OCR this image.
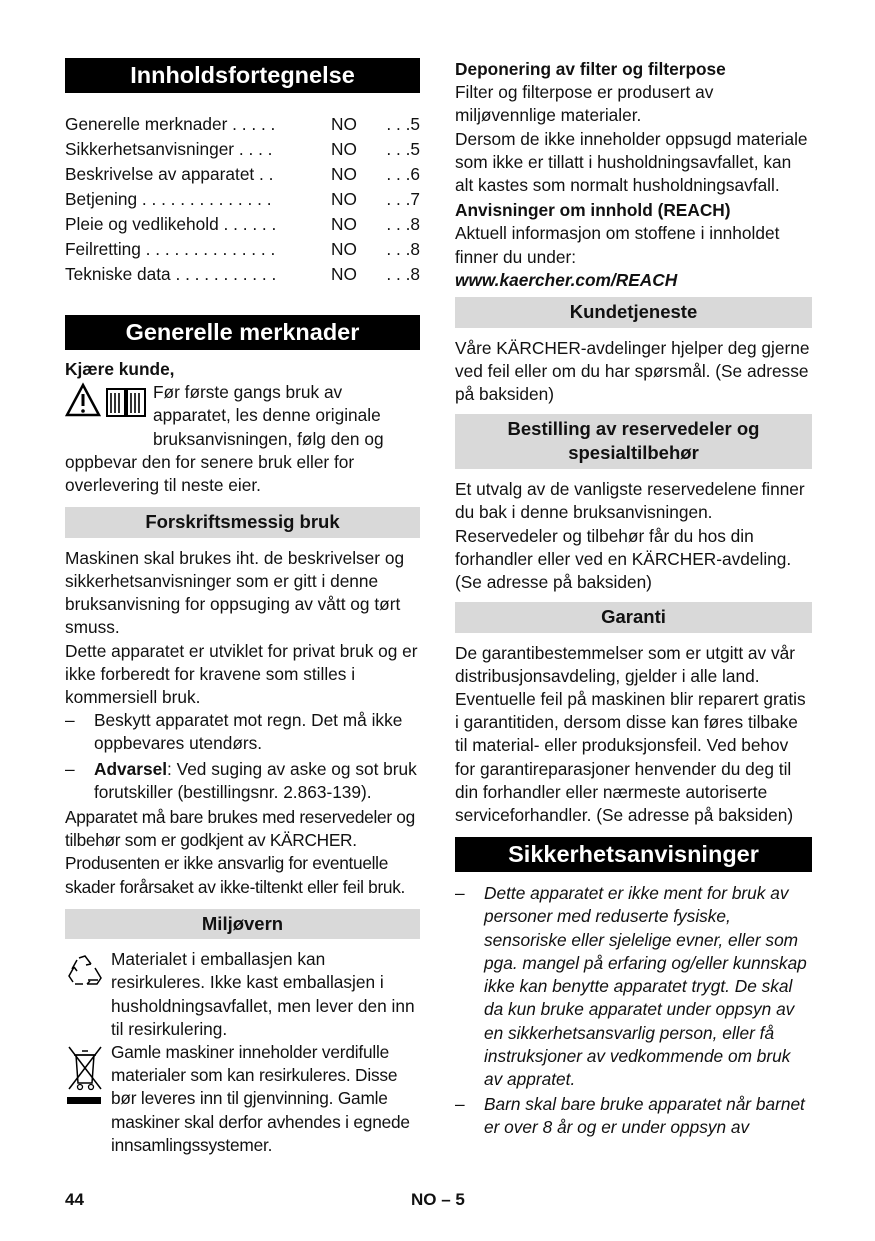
Innholdsfortegnelse
Generelle merknader . . . . .	NO	. . .5
Sikkerhetsanvisninger . . . .	NO	. . .5
Beskrivelse av apparatet . .	NO	. . .6
Betjening . . . . . . . . . . . . . .	NO	. . .7
Pleie og vedlikehold . . . . . .	NO	. . .8
Feilretting . . . . . . . . . . . . . .	NO	. . .8
Tekniske data . . . . . . . . . . .	NO	. . .8
Generelle merknader

Kjære kunde,

Før første gangs bruk av apparatet, les denne originale bruksanvisningen, følg den og oppbevar den for senere bruk eller for overlevering til neste eier.

Forskriftsmessig bruk

Maskinen skal brukes iht. de beskrivelser og sikkerhetsanvisninger som er gitt i denne bruksanvisning for oppsuging av vått og tørt smuss.

Dette apparatet er utviklet for privat bruk og er ikke forberedt for kravene som stilles i kommersiell bruk.

–	Beskytt apparatet mot regn. Det må ikke oppbevares utendørs.
–	Advarsel: Ved suging av aske og sot bruk forutskiller (bestillingsnr. 2.863-139).

Apparatet må bare brukes med reservedeler og tilbehør som er godkjent av KÄRCHER. Produsenten er ikke ansvarlig for eventuelle skader forårsaket av ikke-tiltenkt eller feil bruk.

Miljøvern

Materialet i emballasjen kan resirkuleres. Ikke kast emballasjen i husholdningsavfallet, men lever den inn til resirkulering.

Gamle maskiner inneholder verdifulle materialer som kan resirkuleres. Disse bør leveres inn til gjenvinning. Gamle maskiner skal derfor avhendes i egnede innsamlingssystemer.

Deponering av filter og filterpose

Filter og filterpose er produsert av miljøvennlige materialer.

Dersom de ikke inneholder oppsugd materiale som ikke er tillatt i husholdningsavfallet, kan alt kastes som normalt husholdningsavfall.

Anvisninger om innhold (REACH)

Aktuell informasjon om stoffene i innholdet finner du under:

www.kaercher.com/REACH

Kundetjeneste

Våre KÄRCHER-avdelinger hjelper deg gjerne ved feil eller om du har spørsmål. (Se adresse på baksiden)

Bestilling av reservedeler og spesialtilbehør

Et utvalg av de vanligste reservedelene finner du bak i denne bruksanvisningen.

Reservedeler og tilbehør får du hos din forhandler eller ved en KÄRCHER-avdeling. (Se adresse på baksiden)

Garanti

De garantibestemmelser som er utgitt av vår distribusjonsavdeling, gjelder i alle land. Eventuelle feil på maskinen blir reparert gratis i garantitiden, dersom disse kan føres tilbake til material- eller produksjonsfeil. Ved behov for garantireparasjoner henvender du deg til din forhandler eller nærmeste autoriserte serviceforhandler. (Se adresse på baksiden)

Sikkerhetsanvisninger
–	Dette apparatet er ikke ment for bruk av personer med reduserte fysiske, sensoriske eller sjelelige evner, eller som pga. mangel på erfaring og/eller kunnskap ikke kan benytte apparatet trygt. De skal da kun bruke apparatet under oppsyn av en sikkerhetsansvarlig person, eller få instruksjoner av vedkommende om bruk av appratet.
–	Barn skal bare bruke apparatet når barnet er over 8 år og er under oppsyn av
44	NO – 5
